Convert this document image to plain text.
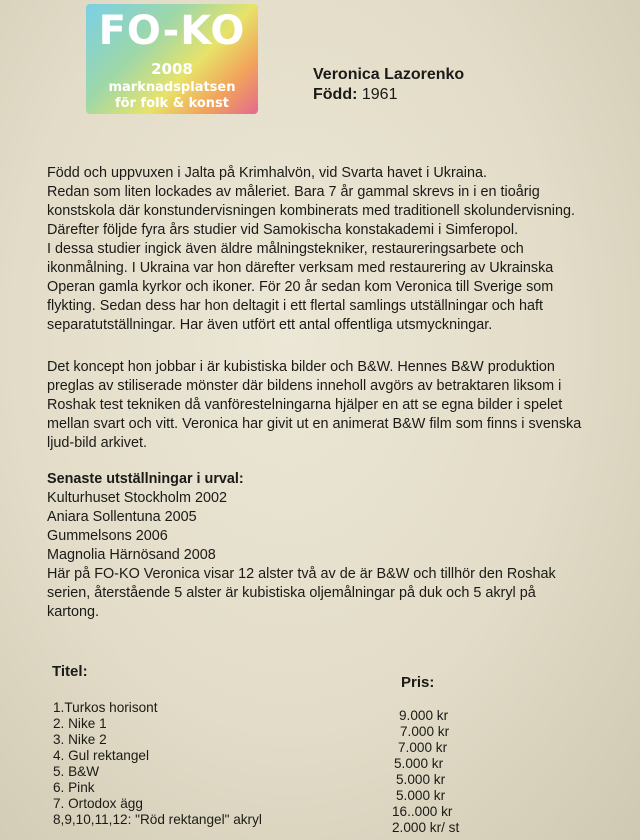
FO-KO
2008
marknadsplatsen
för folk & konst
Veronica Lazorenko
Född: 1961
Född och uppvuxen i Jalta på Krimhalvön, vid Svarta havet i Ukraina.
Redan som liten lockades av måleriet. Bara 7 år gammal skrevs in i en tioårig
konstskola där konstundervisningen kombinerats med traditionell skolundervisning.
Därefter följde fyra års studier vid Samokischa konstakademi i Simferopol.
I dessa studier ingick även äldre målningstekniker, restaureringsarbete och
ikonmålning. I Ukraina var hon därefter verksam med restaurering av Ukrainska
Operan gamla kyrkor och ikoner. För 20 år sedan kom Veronica till Sverige som
flykting. Sedan dess har hon deltagit i ett flertal samlings utställningar och haft
separatutställningar. Har även utfört ett antal offentliga utsmyckningar.
Det koncept hon jobbar i är kubistiska bilder och B&W. Hennes B&W produktion
preglas av stiliserade mönster där bildens inneholl avgörs av betraktaren liksom i
Roshak test tekniken då vanförestelningarna hjälper en att se egna bilder i spelet
mellan svart och vitt. Veronica har givit ut en animerat B&W film som finns i svenska
ljud-bild arkivet.
Senaste utställningar i urval:
Kulturhuset Stockholm 2002
Aniara Sollentuna 2005
Gummelsons 2006
Magnolia Härnösand 2008
Här på FO-KO Veronica visar 12 alster två av de är B&W och tillhör den Roshak
serien, återstående 5 alster är kubistiska oljemålningar på duk och 5 akryl på
kartong.
Titel:
Pris:
1.Turkos horisont
2. Nike 1
3. Nike 2
4. Gul rektangel
5. B&W
6. Pink
7. Ortodox ägg
8,9,10,11,12: "Röd rektangel" akryl
9.000 kr
7.000 kr
7.000 kr
5.000 kr
5.000 kr
5.000 kr
16..000 kr
2.000 kr/ st
